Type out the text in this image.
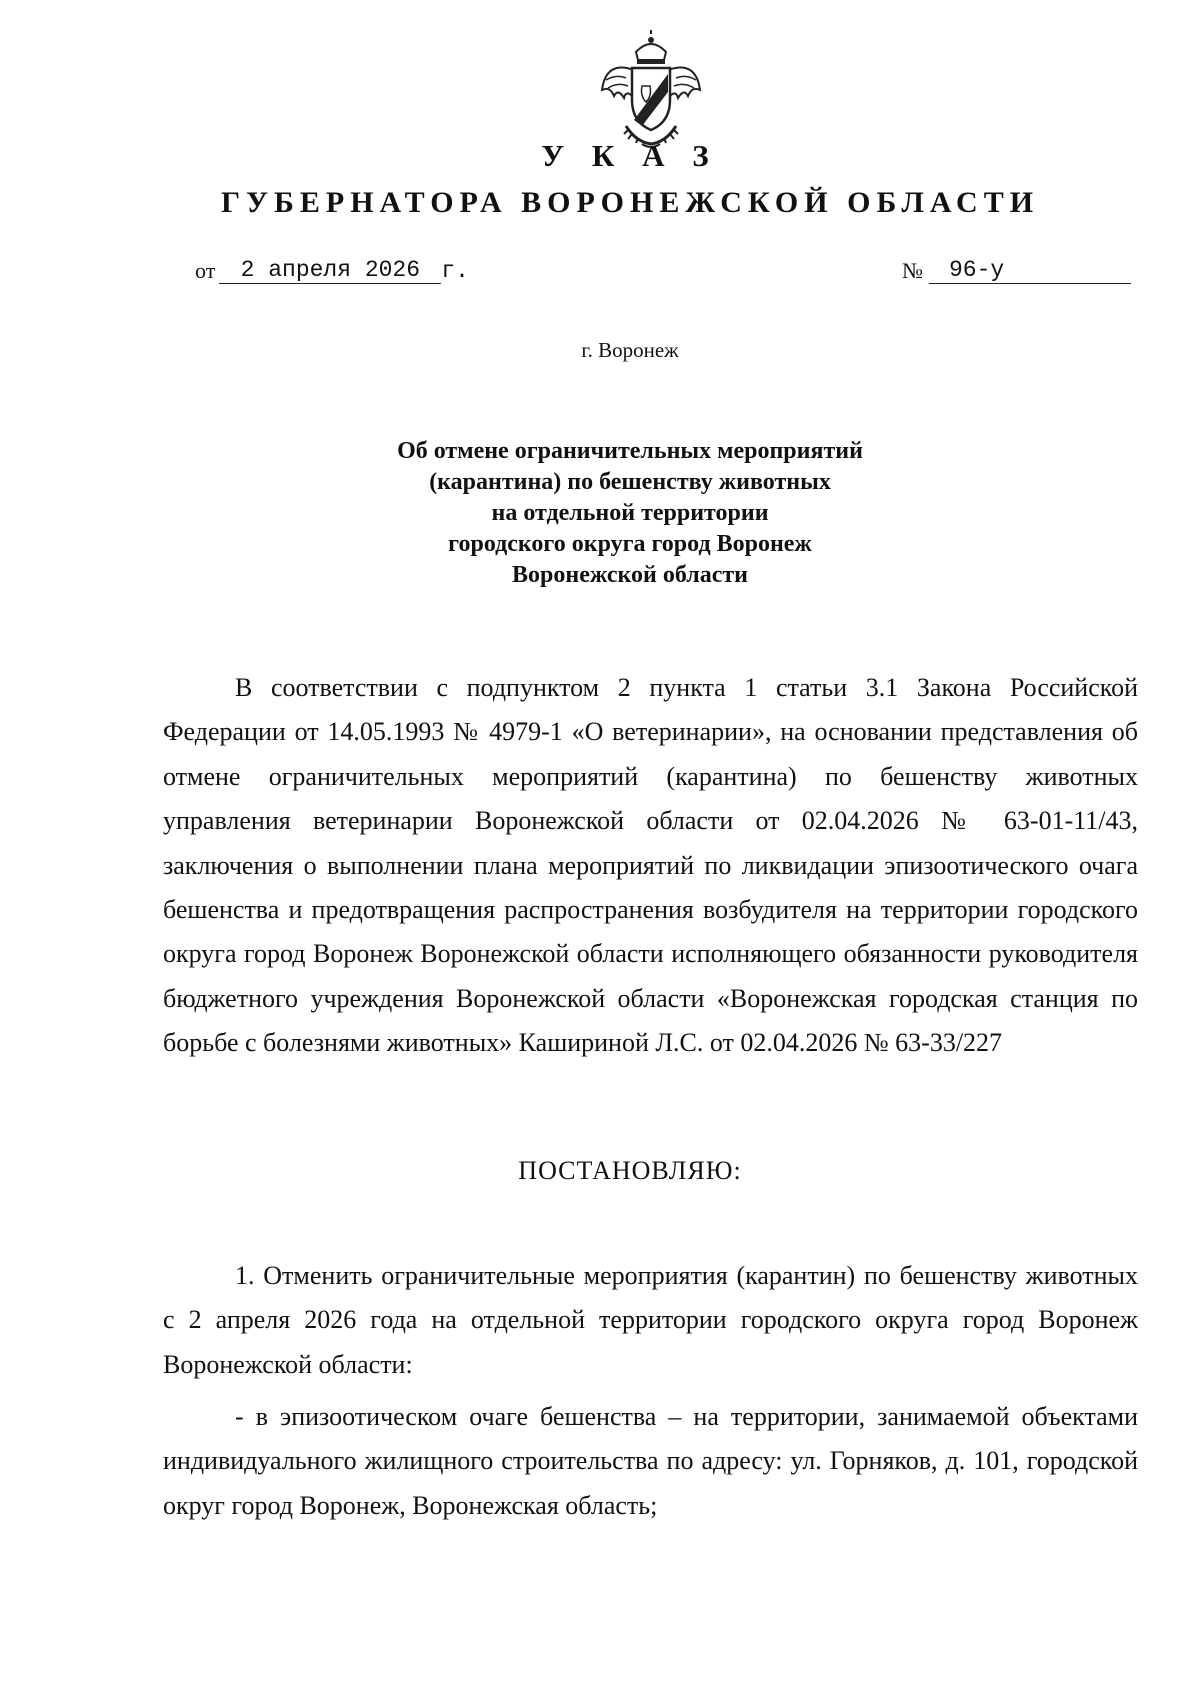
У К А З
ГУБЕРНАТОРА ВОРОНЕЖСКОЙ ОБЛАСТИ
от	2 апреля 2026 г.	№	96-у
г. Воронеж
Об отмене ограничительных мероприятий
(карантина) по бешенству животных
на отдельной территории
городского округа город Воронеж
Воронежской области

В соответствии с подпунктом 2 пункта 1 статьи 3.1 Закона Российской Федерации от 14.05.1993 № 4979-1 «О ветеринарии», на основании представления об отмене ограничительных мероприятий (карантина) по бешенству животных управления ветеринарии Воронежской области от 02.04.2026 № 63-01-11/43, заключения о выполнении плана мероприятий по ликвидации эпизоотического очага бешенства и предотвращения распространения возбудителя на территории городского округа город Воронеж Воронежской области исполняющего обязанности руководителя бюджетного учреждения Воронежской области «Воронежская городская станция по борьбе с болезнями животных» Кашириной Л.С. от 02.04.2026 № 63-33/227

ПОСТАНОВЛЯЮ:

1. Отменить ограничительные мероприятия (карантин) по бешенству животных с 2 апреля 2026 года на отдельной территории городского округа город Воронеж Воронежской области:

- в эпизоотическом очаге бешенства – на территории, занимаемой объектами индивидуального жилищного строительства по адресу: ул. Горняков, д. 101, городской округ город Воронеж, Воронежская область;
